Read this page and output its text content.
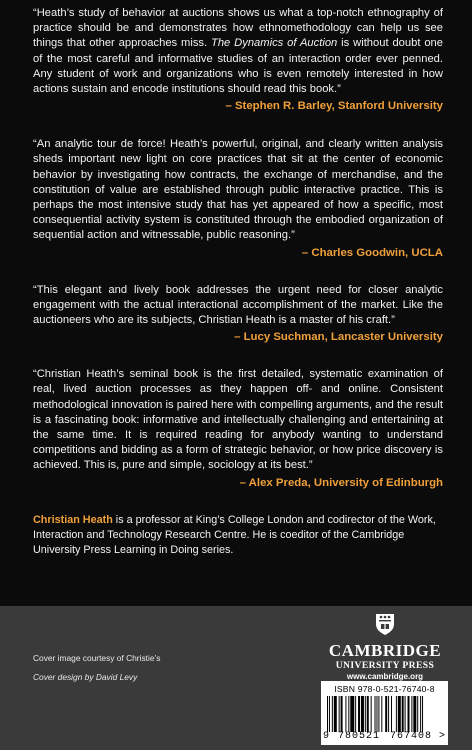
“Heath’s study of behavior at auctions shows us what a top-notch ethnography of practice should be and demonstrates how ethnomethodology can help us see things that other approaches miss. The Dynamics of Auction is without doubt one of the most careful and informative studies of an interaction order ever penned. Any student of work and organizations who is even remotely interested in how actions sustain and encode institutions should read this book.”

– Stephen R. Barley, Stanford University

“An analytic tour de force! Heath’s powerful, original, and clearly written analysis sheds important new light on core practices that sit at the center of economic behavior by investigating how contracts, the exchange of merchandise, and the constitution of value are established through public interactive practice. This is perhaps the most intensive study that has yet appeared of how a specific, most consequential activity system is constituted through the embodied organization of sequential action and witnessable, public reasoning.”

– Charles Goodwin, UCLA

“This elegant and lively book addresses the urgent need for closer analytic engagement with the actual interactional accomplishment of the market. Like the auctioneers who are its subjects, Christian Heath is a master of his craft.”

– Lucy Suchman, Lancaster University

“Christian Heath’s seminal book is the first detailed, systematic examination of real, lived auction processes as they happen off- and online. Consistent methodological innovation is paired here with compelling arguments, and the result is a fascinating book: informative and intellectually challenging and entertaining at the same time. It is required reading for anybody wanting to understand competitions and bidding as a form of strategic behavior, or how price discovery is achieved. This is, pure and simple, sociology at its best.”

– Alex Preda, University of Edinburgh

Christian Heath is a professor at King’s College London and codirector of the Work, Interaction and Technology Research Centre. He is coeditor of the Cambridge University Press Learning in Doing series.

Cover image courtesy of Christie’s
Cover design by David Levy
CAMBRIDGE
UNIVERSITY PRESS
www.cambridge.org
ISBN 978-0-521-76740-8
9 780521 767408 >
